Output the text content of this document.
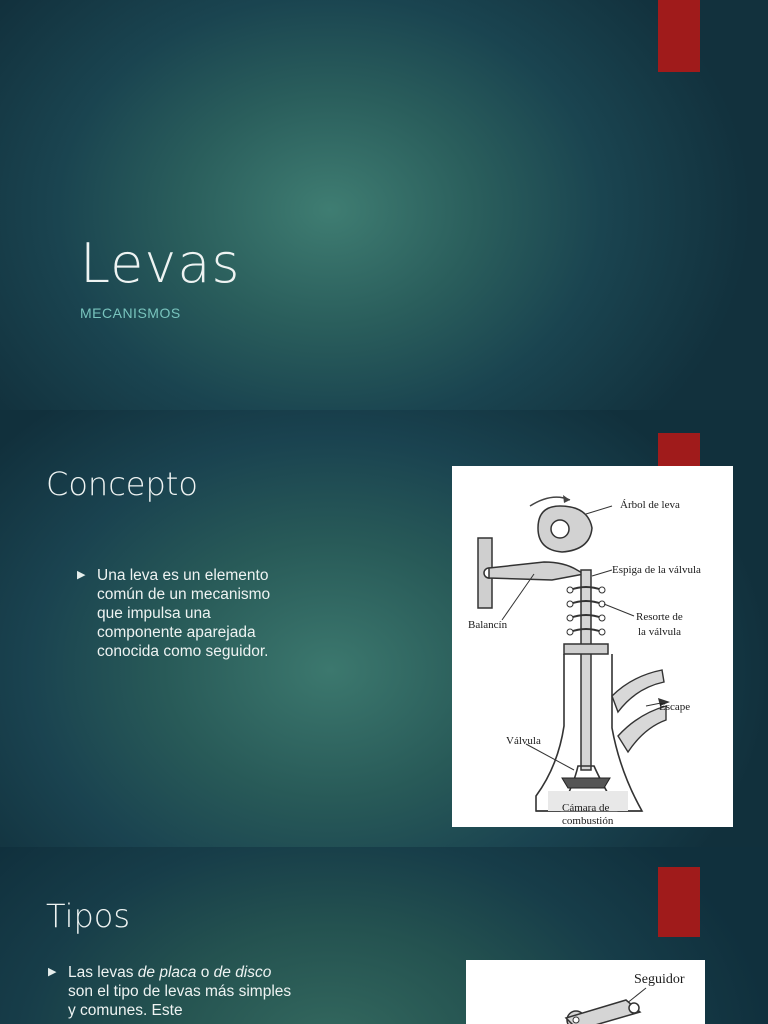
Levas
MECANISMOS
Concepto
▶ Una leva es un elemento común de un mecanismo que impulsa una componente aparejada conocida como seguidor.
Árbol de leva
Espiga de la válvula
Resorte de
la válvula
Balancín
Escape
Válvula
Cámara de
combustión
Tipos
▶ Las levas de placa o de disco son el tipo de levas más simples y comunes. Este
Seguidor
